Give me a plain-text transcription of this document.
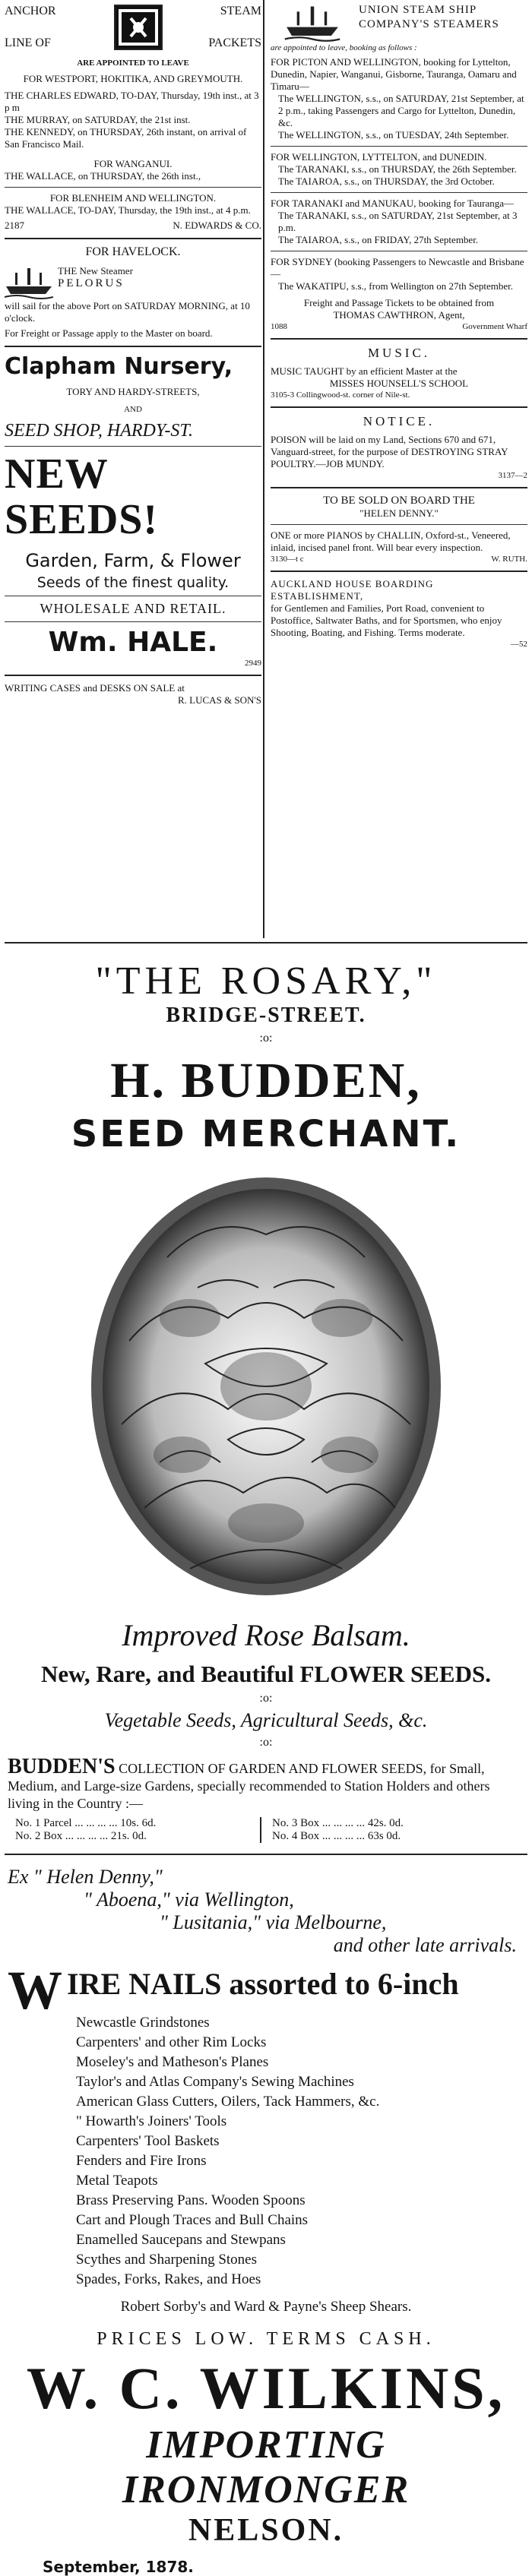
ANCHOR	STEAM
LINE OF	PACKETS

ARE APPOINTED TO LEAVE

FOR WESTPORT, HOKITIKA, AND GREYMOUTH.

THE CHARLES EDWARD, TO-DAY, Thursday, 19th inst., at 3 p m

THE MURRAY, on SATURDAY, the 21st inst.

THE KENNEDY, on THURSDAY, 26th instant, on arrival of San Francisco Mail.

FOR WANGANUI.

THE WALLACE, on THURSDAY, the 26th inst.,

FOR BLENHEIM AND WELLINGTON.

THE WALLACE, TO-DAY, Thursday, the 19th inst., at 4 p.m.

2187	N. EDWARDS & CO.

FOR HAVELOCK.

THE New Steamer

PELORUS

will sail for the above Port on SATURDAY MORNING, at 10 o'clock.

For Freight or Passage apply to the Master on board.

Clapham Nursery,

TORY AND HARDY-STREETS,

AND

SEED SHOP, HARDY-ST.

NEW SEEDS!

Garden, Farm, & Flower

Seeds of the finest quality.

WHOLESALE AND RETAIL.

Wm. HALE.

2949

WRITING CASES and DESKS ON SALE at

R. LUCAS & SON'S

UNION STEAM SHIP COMPANY'S STEAMERS

are appointed to leave, booking as follows :

FOR PICTON AND WELLINGTON, booking for Lyttelton, Dunedin, Napier, Wanganui, Gisborne, Tauranga, Oamaru and Timaru—

The WELLINGTON, s.s., on SATURDAY, 21st September, at 2 p.m., taking Passengers and Cargo for Lyttelton, Dunedin, &c.

The WELLINGTON, s.s., on TUESDAY, 24th September.

FOR WELLINGTON, LYTTELTON, and DUNEDIN.

The TARANAKI, s.s., on THURSDAY, the 26th September.

The TAIAROA, s.s., on THURSDAY, the 3rd October.

FOR TARANAKI and MANUKAU, booking for Tauranga—

The TARANAKI, s.s., on SATURDAY, 21st September, at 3 p.m.

The TAIAROA, s.s., on FRIDAY, 27th September.

FOR SYDNEY (booking Passengers to Newcastle and Brisbane—

The WAKATIPU, s.s., from Wellington on 27th September.

Freight and Passage Tickets to be obtained from

THOMAS CAWTHRON, Agent,

1088	Government Wharf

MUSIC.

MUSIC TAUGHT by an efficient Master at the

MISSES HOUNSELL'S SCHOOL

3105-3 Collingwood-st. corner of Nile-st.

NOTICE.

POISON will be laid on my Land, Sections 670 and 671, Vanguard-street, for the purpose of DESTROYING STRAY POULTRY.—JOB MUNDY.

3137—2

TO BE SOLD ON BOARD THE

"HELEN DENNY."

ONE or more PIANOS by CHALLIN, Oxford-st., Veneered, inlaid, incised panel front. Will bear every inspection.

3130—t c	W. RUTH.

AUCKLAND HOUSE BOARDING ESTABLISHMENT,

for Gentlemen and Families, Port Road, convenient to Postoffice, Saltwater Baths, and for Sportsmen, who enjoy Shooting, Boating, and Fishing. Terms moderate.

—52

"THE ROSARY,"

BRIDGE-STREET.

:o:

H. BUDDEN,

SEED MERCHANT.

Improved Rose Balsam.

New, Rare, and Beautiful FLOWER SEEDS.

:o:

Vegetable Seeds, Agricultural Seeds, &c.

:o:

BUDDEN'S COLLECTION OF GARDEN AND FLOWER SEEDS, for Small, Medium, and Large-size Gardens, specially recommended to Station Holders and others living in the Country :—

No. 1 Parcel ... ... ... ... 10s. 6d.

No. 2 Box ... ... ... ... 21s. 0d.

No. 3 Box ... ... ... ... 42s. 0d.

No. 4 Box ... ... ... ... 63s 0d.

Ex " Helen Denny,"

" Aboena," via Wellington,

" Lusitania," via Melbourne,

and other late arrivals.

W IRE NAILS assorted to 6-inch

Newcastle Grindstones

Carpenters' and other Rim Locks

Moseley's and Matheson's Planes

Taylor's and Atlas Company's Sewing Machines

American Glass Cutters, Oilers, Tack Hammers, &c.

" Howarth's Joiners' Tools

Carpenters' Tool Baskets

Fenders and Fire Irons

Metal Teapots

Brass Preserving Pans. Wooden Spoons

Cart and Plough Traces and Bull Chains

Enamelled Saucepans and Stewpans

Scythes and Sharpening Stones

Spades, Forks, Rakes, and Hoes

Robert Sorby's and Ward & Payne's Sheep Shears.

PRICES LOW. TERMS CASH.

W. C. WILKINS,

IMPORTING IRONMONGER

NELSON.

September, 1878.
